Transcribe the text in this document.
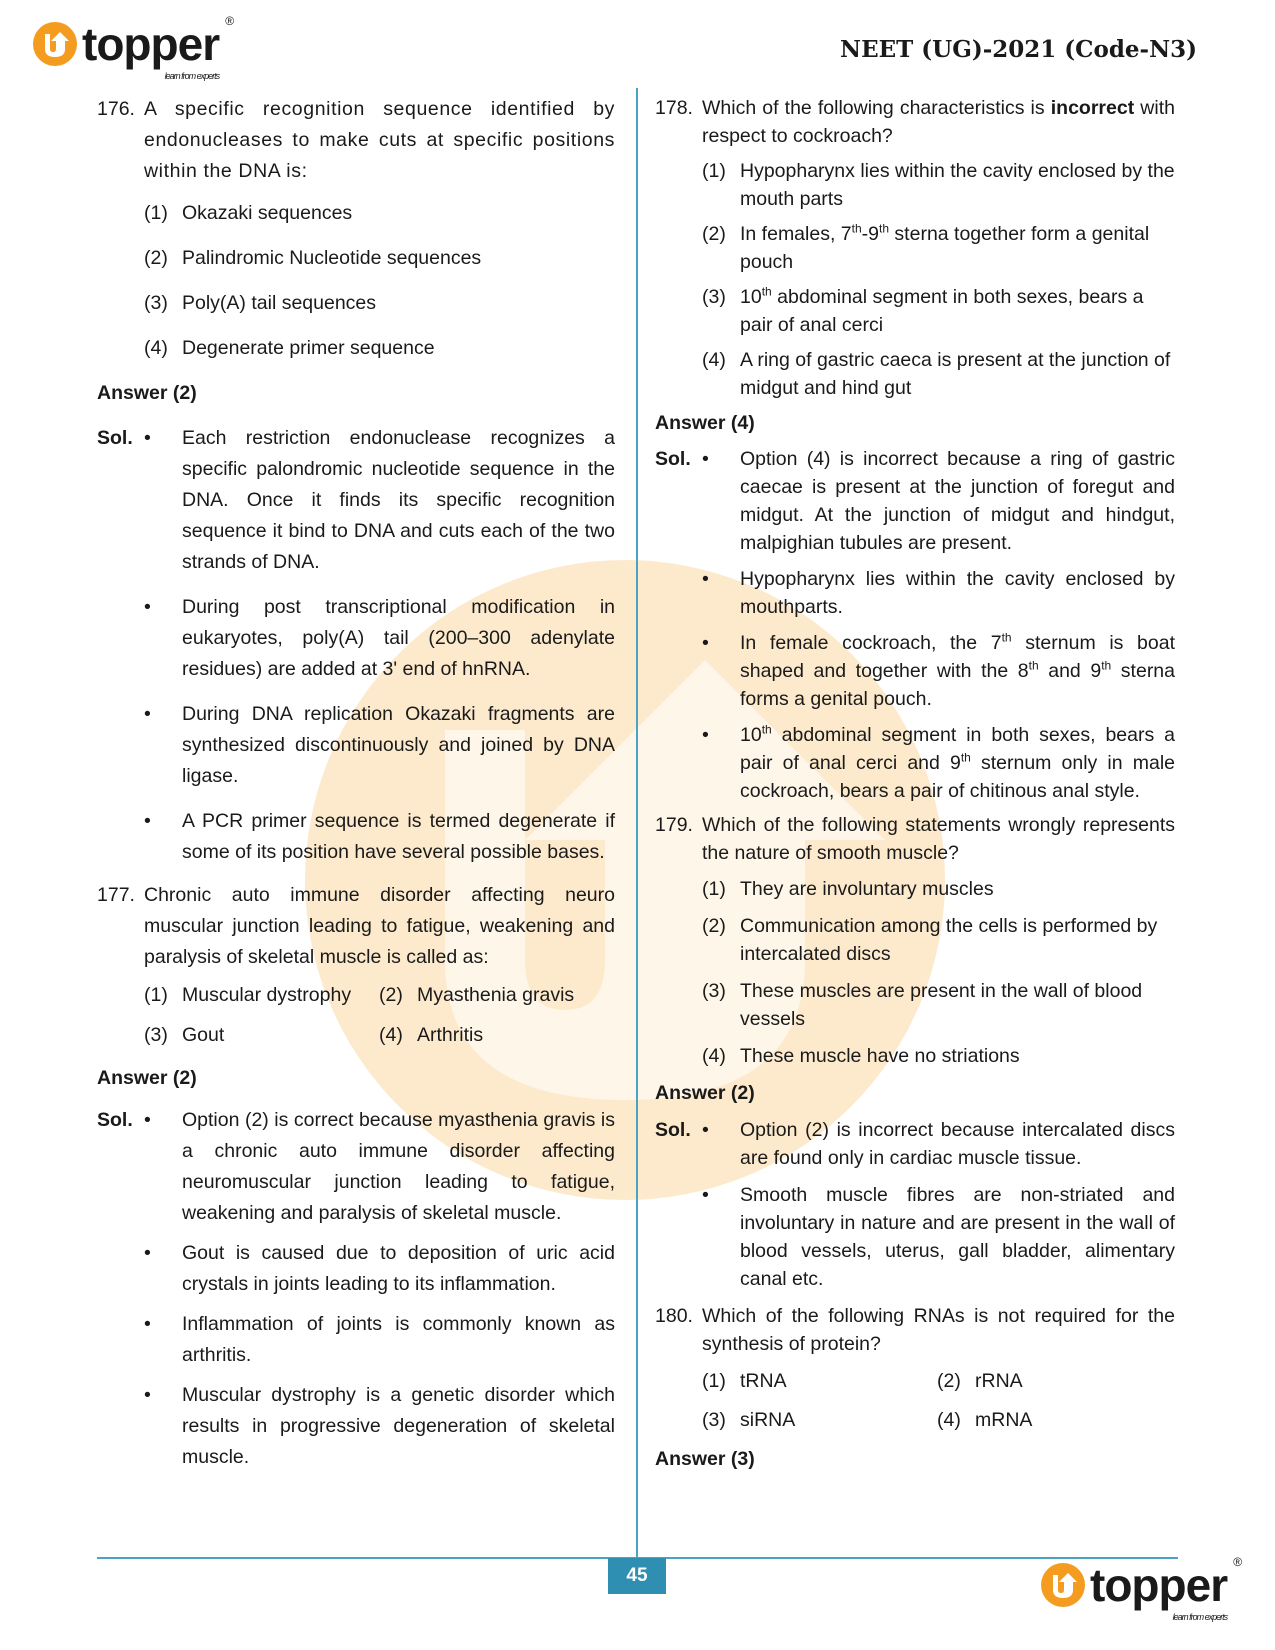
topper ®
learn from experts
NEET (UG)-2021 (Code-N3)
176. A specific recognition sequence identified by endonucleases to make cuts at specific positions within the DNA is:
(1) Okazaki sequences
(2) Palindromic Nucleotide sequences
(3) Poly(A) tail sequences
(4) Degenerate primer sequence
Answer (2)
Sol. •	Each restriction endonuclease recognizes a specific palondromic nucleotide sequence in the DNA. Once it finds its specific recognition sequence it bind to DNA and cuts each of the two strands of DNA.
•	During post transcriptional modification in eukaryotes, poly(A) tail (200–300 adenylate residues) are added at 3' end of hnRNA.
•	During DNA replication Okazaki fragments are synthesized discontinuously and joined by DNA ligase.
•	A PCR primer sequence is termed degenerate if some of its position have several possible bases.
177. Chronic auto immune disorder affecting neuro muscular junction leading to fatigue, weakening and paralysis of skeletal muscle is called as:
(1) Muscular dystrophy (2) Myasthenia gravis
(3) Gout	(4) Arthritis
Answer (2)
Sol. •	Option (2) is correct because myasthenia gravis is a chronic auto immune disorder affecting neuromuscular junction leading to fatigue, weakening and paralysis of skeletal muscle.
•	Gout is caused due to deposition of uric acid crystals in joints leading to its inflammation.
•	Inflammation of joints is commonly known as arthritis.
•	Muscular dystrophy is a genetic disorder which results in progressive degeneration of skeletal muscle.
178. Which of the following characteristics is incorrect with respect to cockroach?
(1) Hypopharynx lies within the cavity enclosed by the mouth parts
(2) In females, 7th-9th sterna together form a genital pouch
(3) 10th abdominal segment in both sexes, bears a pair of anal cerci
(4) A ring of gastric caeca is present at the junction of midgut and hind gut
Answer (4)
Sol. •	Option (4) is incorrect because a ring of gastric caecae is present at the junction of foregut and midgut. At the junction of midgut and hindgut, malpighian tubules are present.
•	Hypopharynx lies within the cavity enclosed by mouthparts.
•	In female cockroach, the 7th sternum is boat shaped and together with the 8th and 9th sterna forms a genital pouch.
•	10th abdominal segment in both sexes, bears a pair of anal cerci and 9th sternum only in male cockroach, bears a pair of chitinous anal style.
179. Which of the following statements wrongly represents the nature of smooth muscle?
(1) They are involuntary muscles
(2) Communication among the cells is performed by intercalated discs
(3) These muscles are present in the wall of blood vessels
(4) These muscle have no striations
Answer (2)
Sol. •	Option (2) is incorrect because intercalated discs are found only in cardiac muscle tissue.
•	Smooth muscle fibres are non-striated and involuntary in nature and are present in the wall of blood vessels, uterus, gall bladder, alimentary canal etc.
180. Which of the following RNAs is not required for the synthesis of protein?
(1) tRNA	(2) rRNA
(3) siRNA	(4) mRNA
Answer (3)
45	topper ®
learn from experts
